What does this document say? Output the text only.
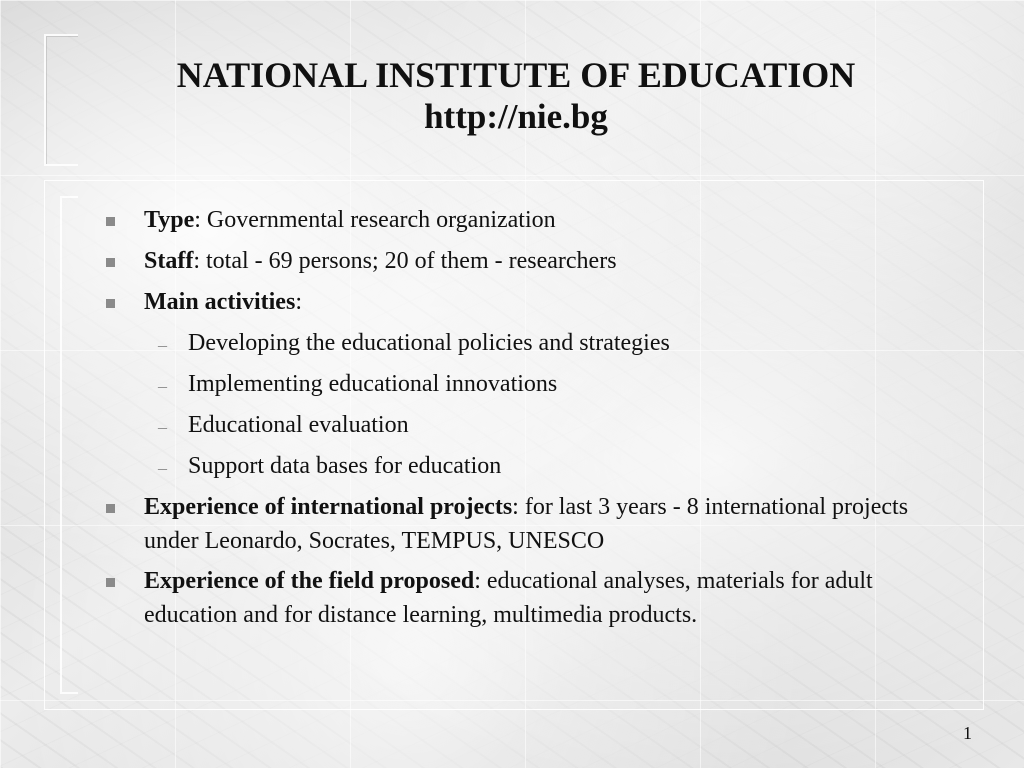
NATIONAL INSTITUTE OF EDUCATION
http://nie.bg
Type: Governmental research organization
Staff: total - 69 persons; 20 of them - researchers
Main activities:
– Developing the educational policies and strategies
– Implementing educational innovations
– Educational evaluation
– Support data bases for education
Experience of international projects: for last 3 years - 8 international projects under Leonardo, Socrates, TEMPUS, UNESCO
Experience of the field proposed: educational analyses, materials for adult education and for distance learning, multimedia products.
1
